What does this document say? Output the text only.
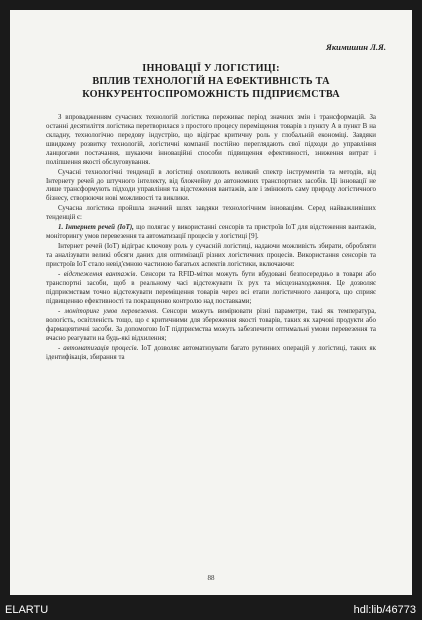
Якимишин Л.Я.
ІННОВАЦІЇ У ЛОГІСТИЦІ:
ВПЛИВ ТЕХНОЛОГІЙ НА ЕФЕКТИВНІСТЬ ТА
КОНКУРЕНТОСПРОМОЖНІСТЬ ПІДПРИЄМСТВА

З впровадженням сучасних технологій логістика переживає період значних змін і трансформацій. За останні десятиліття логістика перетворилася з простого процесу переміщення товарів з пункту А в пункт В на складну, технологічно передову індустрію, що відіграє критичну роль у глобальній економіці. Завдяки швидкому розвитку технологій, логістичні компанії постійно переглядають свої підходи до управління ланцюгами постачання, шукаючи інноваційні способи підвищення ефективності, зниження витрат і поліпшення якості обслуговування.

Сучасні технологічні тенденції в логістиці охоплюють великий спектр інструментів та методів, від Інтернету речей до штучного інтелекту, від блокчейну до автономних транспортних засобів. Ці інновації не лише трансформують підходи управління та відстеження вантажів, але і змінюють саму природу логістичного бізнесу, створюючи нові можливості та виклики.

Сучасна логістика пройшла значний шлях завдяки технологічним інноваціям. Серед найважливіших тенденцій є:

1. Інтернет речей (IoT), що полягає у використанні сенсорів та пристроїв IoT для відстеження вантажів, моніторингу умов перевезення та автоматизації процесів у логістиці [9].

Інтернет речей (IoT) відіграє ключову роль у сучасній логістиці, надаючи можливість збирати, обробляти та аналізувати великі обсяги даних для оптимізації різних логістичних процесів. Використання сенсорів та пристроїв IoT стало невід'ємною частиною багатьох аспектів логістики, включаючи:

- відстеження вантажів. Сенсори та RFID-мітки можуть бути вбудовані безпосередньо в товари або транспортні засоби, щоб в реальному часі відстежувати їх рух та місцезнаходження. Це дозволяє підприємствам точно відстежувати переміщення товарів через всі етапи логістичного ланцюга, що сприяє підвищенню ефективності та покращенню контролю над поставками;

- моніторинг умов перевезення. Сенсори можуть вимірювати різні параметри, такі як температура, вологість, освітленість тощо, що є критичними для збереження якості товарів, таких як харчові продукти або фармацевтичні засоби. За допомогою IoT підприємства можуть забезпечити оптимальні умови перевезення та вчасно реагувати на будь-які відхилення;

- автоматизація процесів. IoT дозволяє автоматизувати багато рутинних операцій у логістиці, таких як ідентифікація, збирання та

88
ELARTU	hdl:lib/46773
